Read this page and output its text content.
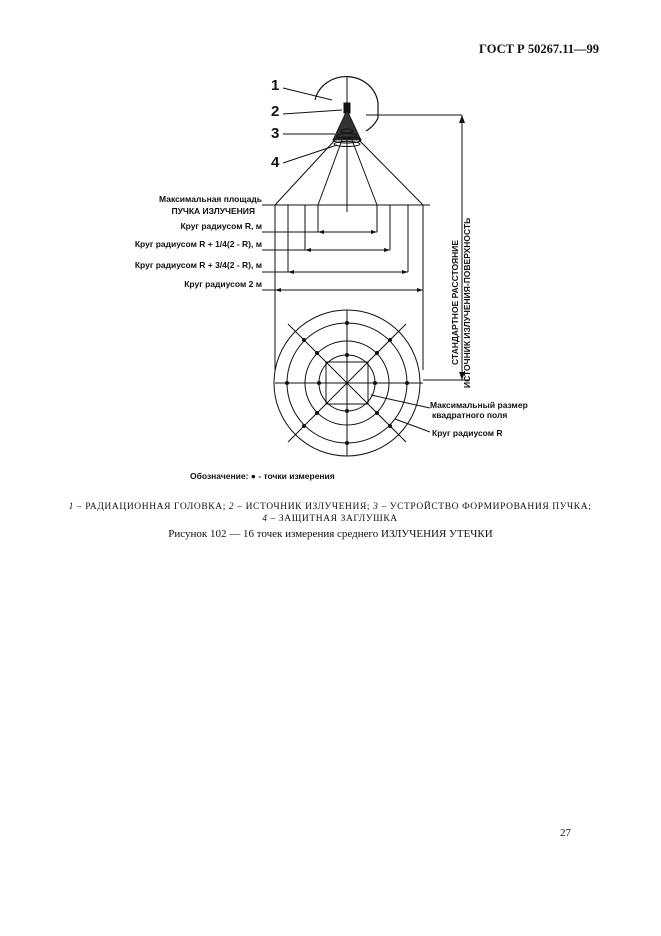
ГОСТ Р 50267.11—99
1
2
3
4
Максимальная площадь
ПУЧКА ИЗЛУЧЕНИЯ
Круг радиусом R, м
Круг радиусом R + 1/4(2 - R), м
Круг радиусом R + 3/4(2 - R), м
Круг радиусом 2 м
Максимальный размер
квадратного поля
Круг радиусом R
СТАНДАРТНОЕ РАССТОЯНИЕ ИСТОЧНИК ИЗЛУЧЕНИЯ-ПОВЕРХНОСТЬ
Обозначение: ● - точки измерения
1 – РАДИАЦИОННАЯ ГОЛОВКА; 2 – ИСТОЧНИК ИЗЛУЧЕНИЯ; 3 – УСТРОЙСТВО ФОРМИРОВАНИЯ ПУЧКА;
4 – ЗАЩИТНАЯ ЗАГЛУШКА
Рисунок 102 — 16 точек измерения среднего ИЗЛУЧЕНИЯ УТЕЧКИ
27
